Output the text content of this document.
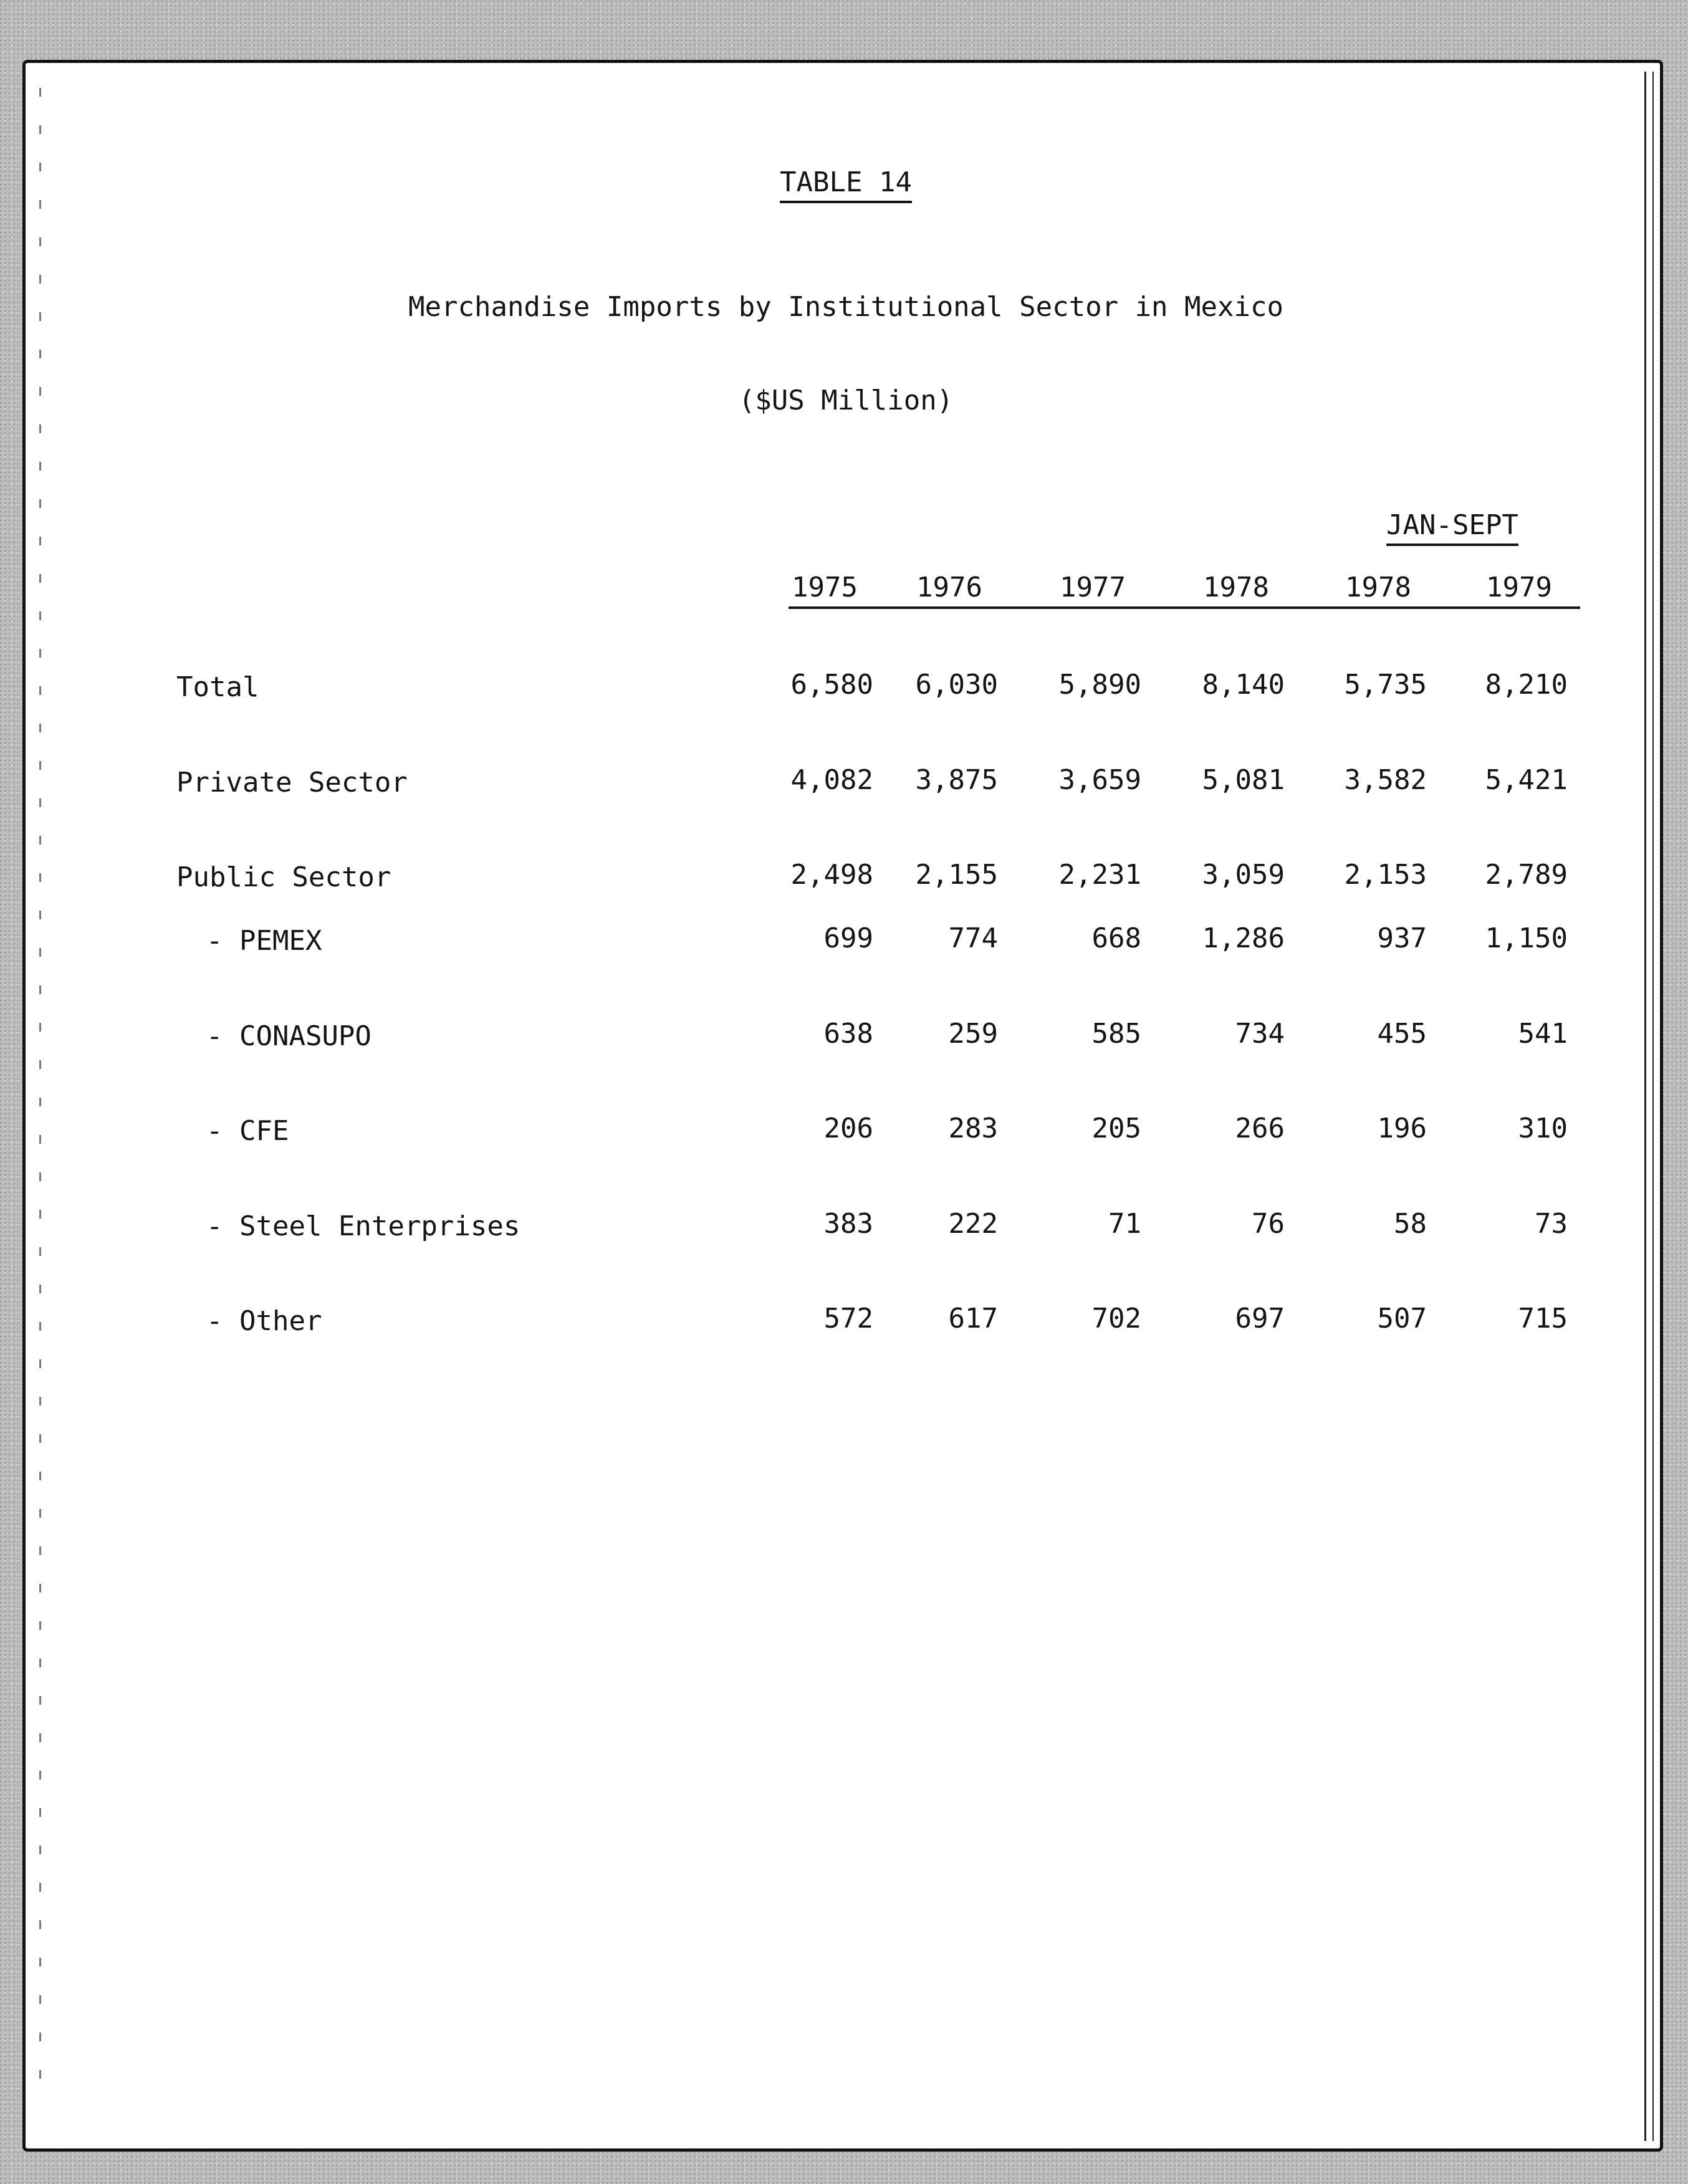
TABLE 14
Merchandise Imports by Institutional Sector in Mexico
($US Million)
JAN-SEPT
1975	1976	1977	1978	1978	1979
Total	6,580	6,030	5,890	8,140	5,735	8,210
Private Sector	4,082	3,875	3,659	5,081	3,582	5,421
Public Sector	2,498	2,155	2,231	3,059	2,153	2,789
- PEMEX	699	774	668	1,286	937	1,150
- CONASUPO	638	259	585	734	455	541
- CFE	206	283	205	266	196	310
- Steel Enterprises	383	222	71	76	58	73
- Other	572	617	702	697	507	715
